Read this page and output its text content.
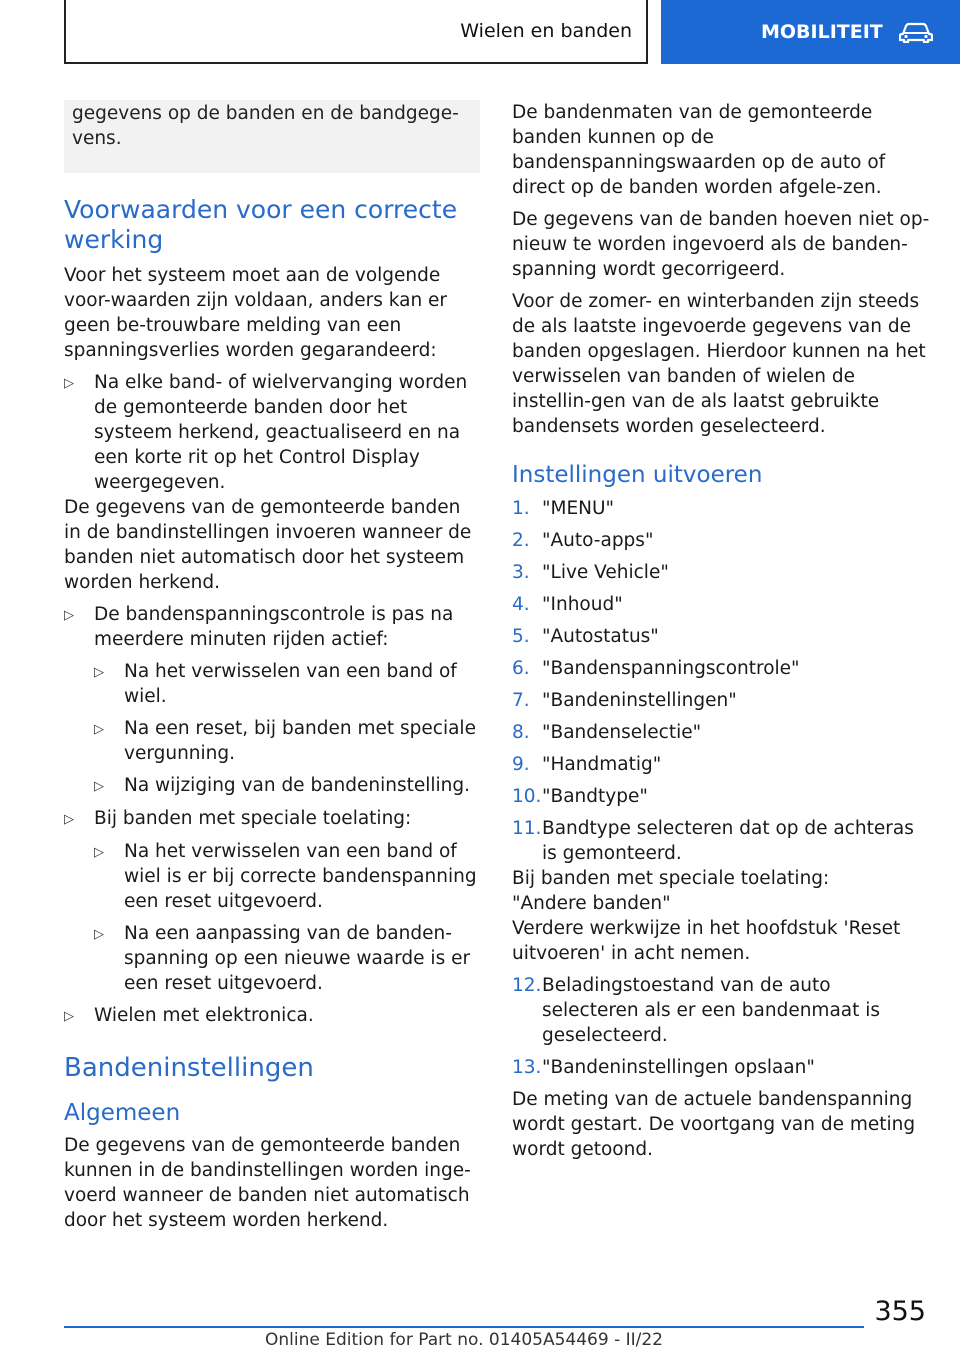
Wielen en banden	MOBILITEIT

gegevens op de banden en de bandgege-vens.

Voorwaarden voor een correcte werking

Voor het systeem moet aan de volgende voor-waarden zijn voldaan, anders kan er geen be-trouwbare melding van een spanningsverlies worden gegarandeerd:

▷	Na elke band- of wielvervanging worden de gemonteerde banden door het systeem herkend, geactualiseerd en na een korte rit op het Control Display weergegeven.

De gegevens van de gemonteerde banden in de bandinstellingen invoeren wanneer de banden niet automatisch door het systeem worden herkend.

▷	De bandenspanningscontrole is pas na meerdere minuten rijden actief:
▷	Na het verwisselen van een band of wiel.
▷	Na een reset, bij banden met speciale vergunning.
▷	Na wijziging van de bandeninstelling.
▷	Bij banden met speciale toelating:
▷	Na het verwisselen van een band of wiel is er bij correcte bandenspanning een reset uitgevoerd.
▷	Na een aanpassing van de banden-spanning op een nieuwe waarde is er een reset uitgevoerd.
▷	Wielen met elektronica.
Bandeninstellingen
Algemeen

De gegevens van de gemonteerde banden kunnen in de bandinstellingen worden inge-voerd wanneer de banden niet automatisch door het systeem worden herkend.

De bandenmaten van de gemonteerde banden kunnen op de bandenspanningswaarden op de auto of direct op de banden worden afgele-zen.

De gegevens van de banden hoeven niet op-nieuw te worden ingevoerd als de banden-spanning wordt gecorrigeerd.

Voor de zomer- en winterbanden zijn steeds de als laatste ingevoerde gegevens van de banden opgeslagen. Hierdoor kunnen na het verwisselen van banden of wielen de instellin-gen van de als laatst gebruikte bandensets worden geselecteerd.

Instellingen uitvoeren
1. "MENU"
2. "Auto-apps"
3. "Live Vehicle"
4. "Inhoud"
5. "Autostatus"
6. "Bandenspanningscontrole"
7. "Bandeninstellingen"
8. "Bandenselectie"
9. "Handmatig"
10. "Bandtype"
11. Bandtype selecteren dat op de achteras is gemonteerd.

Bij banden met speciale toelating:

"Andere banden"

Verdere werkwijze in het hoofdstuk 'Reset uitvoeren' in acht nemen.

12. Beladingstoestand van de auto selecteren als er een bandenmaat is geselecteerd.
13. "Bandeninstellingen opslaan"

De meting van de actuele bandenspanning wordt gestart. De voortgang van de meting wordt getoond.

355
Online Edition for Part no. 01405A54469 - II/22
